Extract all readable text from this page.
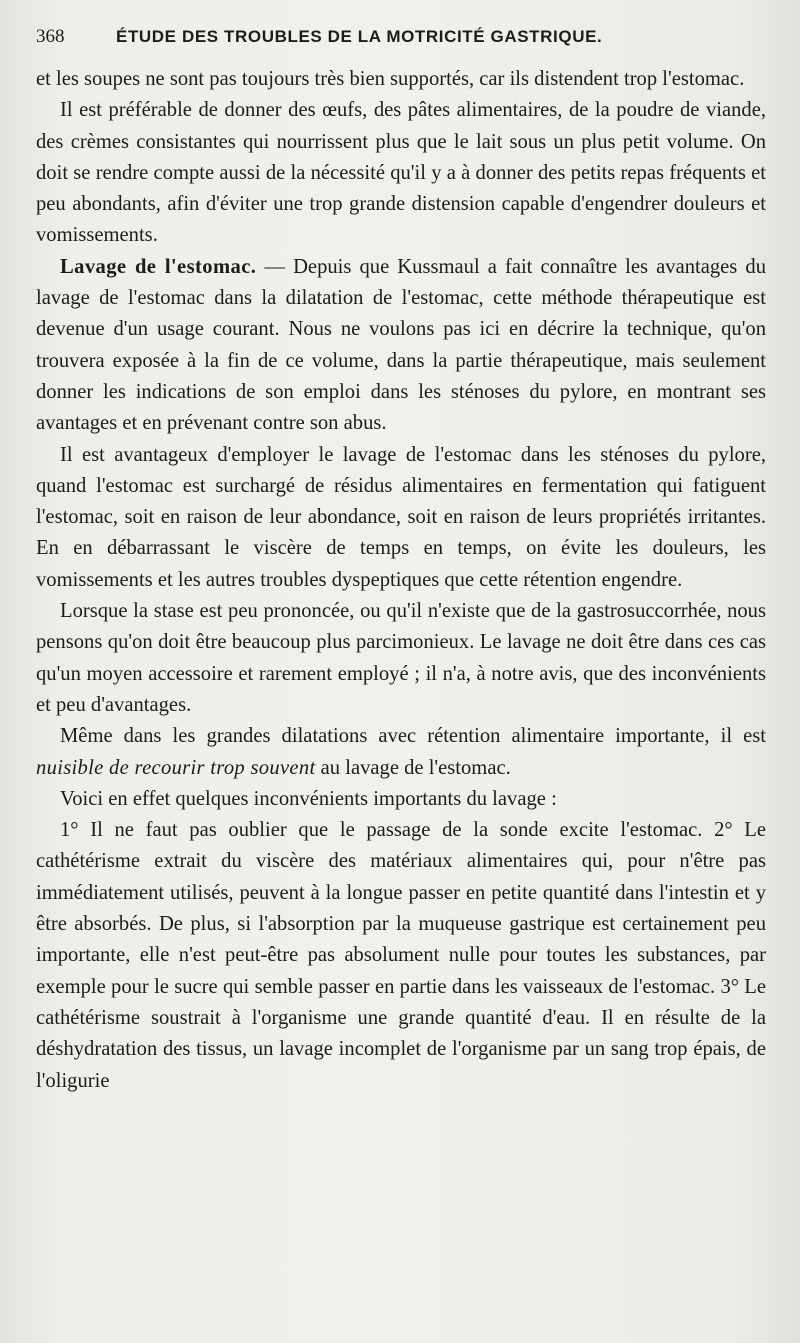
368	ÉTUDE DES TROUBLES DE LA MOTRICITÉ GASTRIQUE.

et les soupes ne sont pas toujours très bien supportés, car ils distendent trop l'estomac.

Il est préférable de donner des œufs, des pâtes alimentaires, de la poudre de viande, des crèmes consistantes qui nourrissent plus que le lait sous un plus petit volume. On doit se rendre compte aussi de la nécessité qu'il y a à donner des petits repas fréquents et peu abondants, afin d'éviter une trop grande distension capable d'engendrer douleurs et vomissements.

Lavage de l'estomac. — Depuis que Kussmaul a fait connaître les avantages du lavage de l'estomac dans la dilatation de l'estomac, cette méthode thérapeutique est devenue d'un usage courant. Nous ne voulons pas ici en décrire la technique, qu'on trouvera exposée à la fin de ce volume, dans la partie thérapeutique, mais seulement donner les indications de son emploi dans les sténoses du pylore, en montrant ses avantages et en prévenant contre son abus.

Il est avantageux d'employer le lavage de l'estomac dans les sténoses du pylore, quand l'estomac est surchargé de résidus alimentaires en fermentation qui fatiguent l'estomac, soit en raison de leur abondance, soit en raison de leurs propriétés irritantes. En en débarrassant le viscère de temps en temps, on évite les douleurs, les vomissements et les autres troubles dyspeptiques que cette rétention engendre.

Lorsque la stase est peu prononcée, ou qu'il n'existe que de la gastrosuccorrhée, nous pensons qu'on doit être beaucoup plus parcimonieux. Le lavage ne doit être dans ces cas qu'un moyen accessoire et rarement employé ; il n'a, à notre avis, que des inconvénients et peu d'avantages.

Même dans les grandes dilatations avec rétention alimentaire importante, il est nuisible de recourir trop souvent au lavage de l'estomac.

Voici en effet quelques inconvénients importants du lavage :

1° Il ne faut pas oublier que le passage de la sonde excite l'estomac. 2° Le cathétérisme extrait du viscère des matériaux alimentaires qui, pour n'être pas immédiatement utilisés, peuvent à la longue passer en petite quantité dans l'intestin et y être absorbés. De plus, si l'absorption par la muqueuse gastrique est certainement peu importante, elle n'est peut-être pas absolument nulle pour toutes les substances, par exemple pour le sucre qui semble passer en partie dans les vaisseaux de l'estomac. 3° Le cathétérisme soustrait à l'organisme une grande quantité d'eau. Il en résulte de la déshydratation des tissus, un lavage incomplet de l'organisme par un sang trop épais, de l'oligurie
